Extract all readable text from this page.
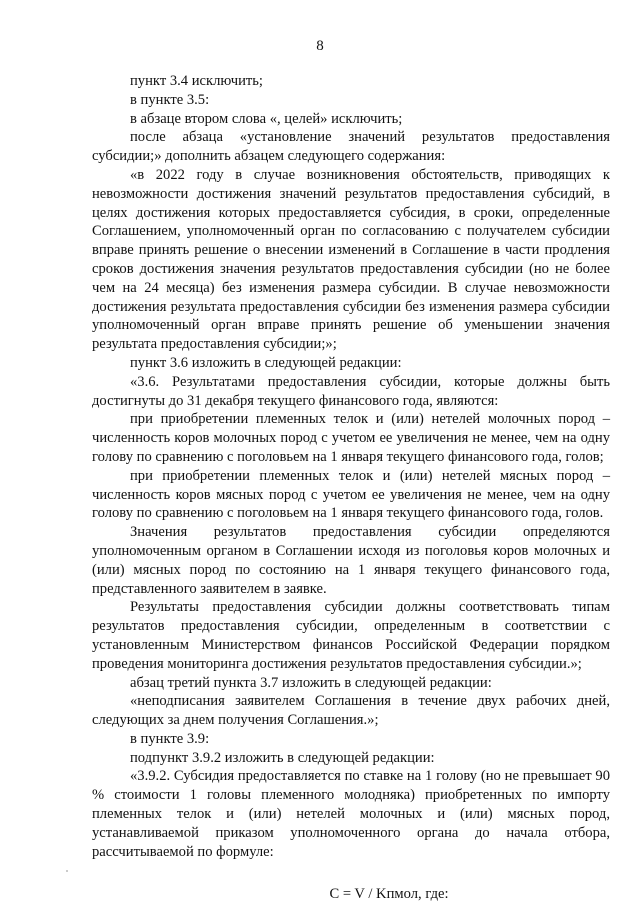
8

пункт 3.4 исключить;

в пункте 3.5:

в абзаце втором слова «, целей» исключить;

после абзаца «установление значений результатов предоставления субсидии;» дополнить абзацем следующего содержания:

«в 2022 году в случае возникновения обстоятельств, приводящих к невозможности достижения значений результатов предоставления субсидий, в целях достижения которых предоставляется субсидия, в сроки, определенные Соглашением, уполномоченный орган по согласованию с получателем субсидии вправе принять решение о внесении изменений в Соглашение в части продления сроков достижения значения результатов предоставления субсидии (но не более чем на 24 месяца) без изменения размера субсидии. В случае невозможности достижения результата предоставления субсидии без изменения размера субсидии уполномоченный орган вправе принять решение об уменьшении значения результата предоставления субсидии;»;

пункт 3.6 изложить в следующей редакции:

«3.6. Результатами предоставления субсидии, которые должны быть достигнуты до 31 декабря текущего финансового года, являются:

при приобретении племенных телок и (или) нетелей молочных пород – численность коров молочных пород с учетом ее увеличения не менее, чем на одну голову по сравнению с поголовьем на 1 января текущего финансового года, голов;

при приобретении племенных телок и (или) нетелей мясных пород – численность коров мясных пород с учетом ее увеличения не менее, чем на одну голову по сравнению с поголовьем на 1 января текущего финансового года, голов.

Значения результатов предоставления субсидии определяются уполномоченным органом в Соглашении исходя из поголовья коров молочных и (или) мясных пород по состоянию на 1 января текущего финансового года, представленного заявителем в заявке.

Результаты предоставления субсидии должны соответствовать типам результатов предоставления субсидии, определенным в соответствии с установленным Министерством финансов Российской Федерации порядком проведения мониторинга достижения результатов предоставления субсидии.»;

абзац третий пункта 3.7 изложить в следующей редакции:

«неподписания заявителем Соглашения в течение двух рабочих дней, следующих за днем получения Соглашения.»;

в пункте 3.9:

подпункт 3.9.2 изложить в следующей редакции:

«3.9.2. Субсидия предоставляется по ставке на 1 голову (но не превышает 90 % стоимости 1 головы племенного молодняка) приобретенных по импорту племенных телок и (или) нетелей молочных и (или) мясных пород, устанавливаемой приказом уполномоченного органа до начала отбора, рассчитываемой по формуле:

C = V / Kпмол, где:
